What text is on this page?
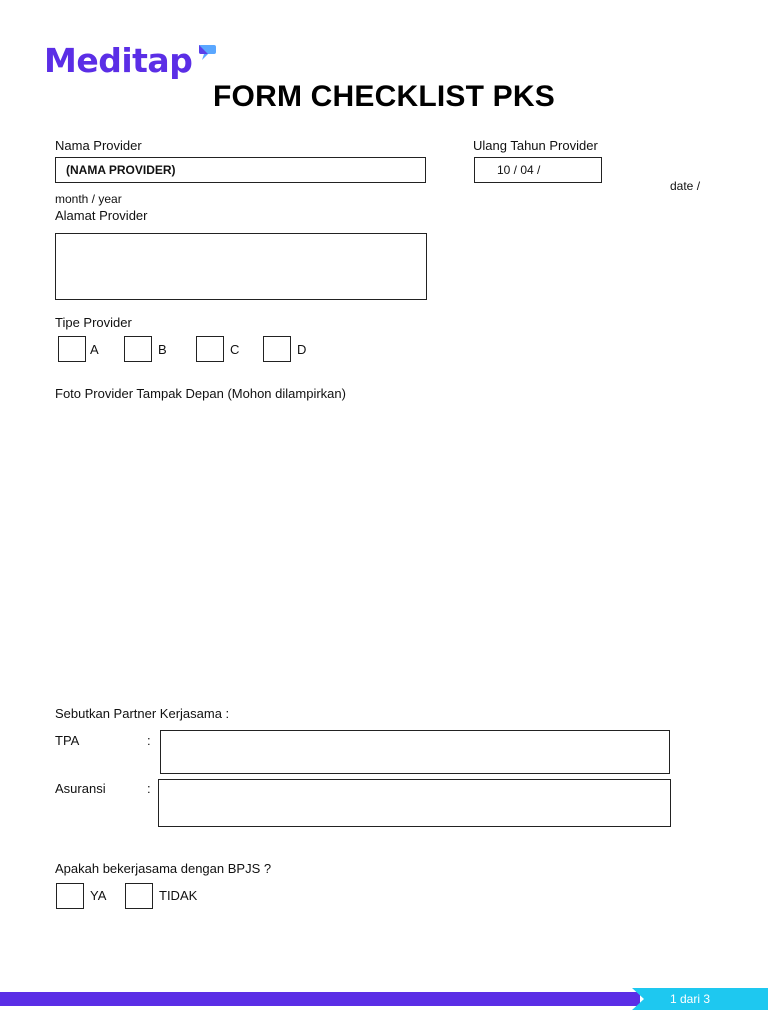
Meditap
FORM CHECKLIST PKS
Nama Provider
(NAMA PROVIDER)
Ulang Tahun Provider
10 / 04 /
date /
month / year
Alamat Provider
Tipe Provider
A	B	C	D
Foto Provider Tampak Depan (Mohon dilampirkan)
Sebutkan Partner Kerjasama :
TPA	:
Asuransi	:
Apakah bekerjasama dengan BPJS ?
YA	TIDAK
1 dari 3
